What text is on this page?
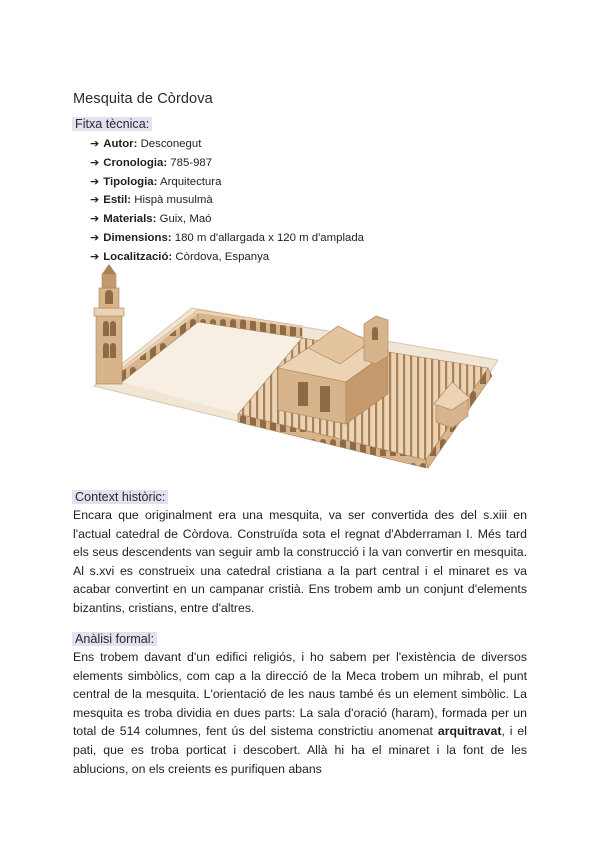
Mesquita de Còrdova
Fitxa tècnica:
➔ Autor: Desconegut
➔ Cronologia: 785-987
➔ Tipologia: Arquitectura
➔ Estil: Hispà musulmà
➔ Materials: Guix, Maó
➔ Dimensions: 180 m d'allargada x 120 m d'amplada
➔ Localització: Còrdova, Espanya
Context històric:

Encara que originalment era una mesquita, va ser convertida des del s.xiii en l'actual catedral de Còrdova. Construïda sota el regnat d'Abderraman I. Més tard els seus descendents van seguir amb la construcció i la van convertir en mesquita. Al s.xvi es construeix una catedral cristiana a la part central i el minaret es va acabar convertint en un campanar cristià. Ens trobem amb un conjunt d'elements bizantins, cristians, entre d'altres.

Anàlisi formal:

Ens trobem davant d'un edifici religiós, i ho sabem per l'existència de diversos elements simbòlics, com cap a la direcció de la Meca trobem un mihrab, el punt central de la mesquita. L'orientació de les naus també és un element simbòlic. La mesquita es troba dividia en dues parts: La sala d'oració (haram), formada per un total de 514 columnes, fent ús del sistema constrictiu anomenat arquitravat, i el pati, que es troba porticat i descobert. Allà hi ha el minaret i la font de les ablucions, on els creients es purifiquen abans
